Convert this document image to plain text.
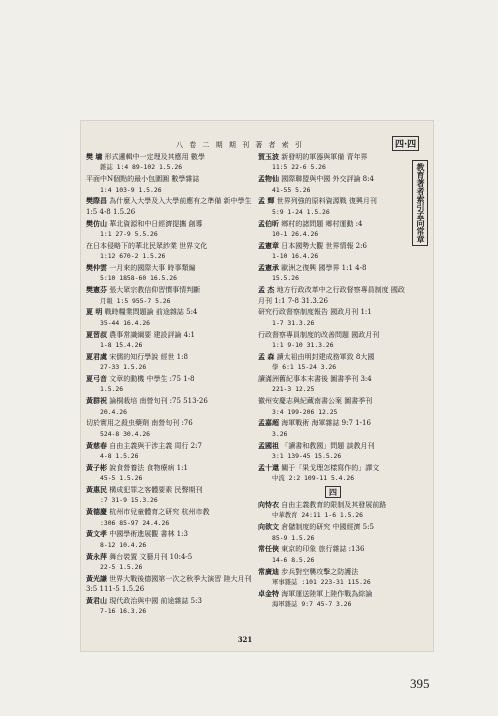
八 卷 二 期 期 刊 著 者 索 引	四·四
教育著者索引孟向常章
樊 墉 形式邏輯中一定理及其應用 數學
雜誌 1:4 89-102 1.5.26
平面中N個點的最小包圍圓 數學雜誌
1:4 103-9 1.5.26
樊際昌 為什麼入大學及入大學前應有之準備 新中學生 1:5 4-8 1.5.26
樊仿山 華北資源和中日經濟提攜 創導
1:1 27-9 5.5.26
在日本侵略下的華北民眾紗業 世界文化
1:12 670-2 1.5.26
樊仲雲 一月來的國際大事 時事類編
5:10 1858-60 16.5.26
樊憲芬 張大眾宗教信仰習慣事情判斷
月報 1:5 955-7 5.26
夏 明 戰時糧業問題論 前途雜誌 5:4
35-44 16.4.26
夏習叔 農事常識綱要 建設評論 4:1
1-8 15.4.26
夏君虞 宋儒的知行學說 經世 1:8
27-33 1.5.26
夏弓音 文章的動機 中學生 :75 1-8
1.5.26
黃群祝 論桐栽培 南營旬刊 :75 513-26
20.4.26
切於實用之殺虫藥劑 南營旬刊 :76
524-8 30.4.26
黃慈春 自由主義與干涉主義 周行 2:7
4-8 1.5.26
黃子彬 說食營養法 食物療病 1:1
45-5 1.5.26
黃惠民 構成犯罪之客體要素 民聲期刊
:7 31-9 15.3.26
黃德慶 杭州市兒童體育之研究 杭州市教
:306 85-97 24.4.26
黃文孝 中國學術進展觀 書林 1:3
8-12 10.4.26
黃永萍 舞台裝置 文藝月刊 10:4-5
22-5 1.5.26
黃光謙 世界大戰後德國第一次之秋季大演習 陸大月刊 3:5 111-5 1.5.26
黃君山 現代政治與中國 前途雜誌 5:3
7-16 16.3.26
賀玉波 新發明的軍器與軍備 青年界
11:5 22-6 5.26
孟物仙 國際聯盟與中國 外交評論 8:4
41-55 5.26
孟 輝 世界列強的原料資源戰 復興月刊
5:9 1-24 1.5.26
孟伯昕 鄉村的諸問題 鄉村運動 :4
10-1 26.4.26
孟憲章 日本國勢大觀 世界情報 2:6
1-10 16.4.26
孟憲承 歐洲之復興 國學界 1:1 4-8
15.5.26
孟 杰 地方行政改革中之行政督察專員制度 國政月刊 1:1 7-8 31.3.26
研究行政督察制度報告 國政月刊 1:1
1-7 31.3.26
行政督察專員制度的改善問題 國政月刊
1:1 9-10 31.3.26
孟 森 讀太祖由明封建成務軍致 8大國
學 6:1 15-24 3.26
讀滿洲舊紀事本末書後 圖書季刊 3:4
221-3 12.25
徽州安慶志與紀藏南書公案 圖書季刊
3:4 199-206 12.25
孟嘉超 海軍戰術 海軍雜誌 9:7 1-16
3.26
孟國祖 「讀書和教國」問題 談教月刊
3:1 139-45 15.5.26
孟十還 關于「果戈理怎樣寫作的」譯文
中流 2:2 109-11 5.4.26
四
向恃衣 自由主義教育的限制及其發展前路
中華教育 24:11 1-6 1.5.26
向欲文 倉儲制度的研究 中國經濟 5:5
85-9 1.5.26
常任俠 東京的印象 旅行雜誌 :136
14-6 8.5.26
常廣迪 步兵對空襲攻擊之防護法
軍事雜誌 :101 223-31 115.26
卓金特 海軍運送陸軍上陸作戰為綜論
海軍雜誌 9:7 45-7 3.26
321
395
